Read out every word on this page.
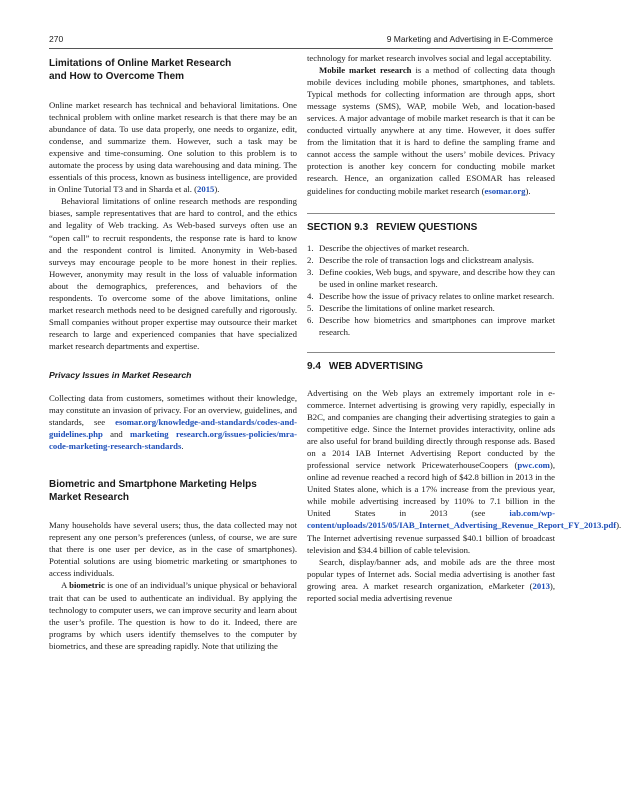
270	9 Marketing and Advertising in E-Commerce
Limitations of Online Market Research
and How to Overcome Them

Online market research has technical and behavioral limitations. One technical problem with online market research is that there may be an abundance of data. To use data properly, one needs to organize, edit, condense, and summarize them. However, such a task may be expensive and time-consuming. One solution to this problem is to automate the process by using data warehousing and data mining. The essentials of this process, known as business intelligence, are provided in Online Tutorial T3 and in Sharda et al. (2015).

Behavioral limitations of online research methods are responding biases, sample representatives that are hard to control, and the ethics and legality of Web tracking. As Web-based surveys often use an “open call” to recruit respondents, the response rate is hard to know and the respondent control is limited. Anonymity in Web-based surveys may encourage people to be more honest in their replies. However, anonymity may result in the loss of valuable information about the demographics, preferences, and behaviors of the respondents. To overcome some of the above limitations, online market research methods need to be designed carefully and rigorously. Small companies without proper expertise may outsource their market research to large and experienced companies that have specialized market research departments and expertise.

Privacy Issues in Market Research

Collecting data from customers, sometimes without their knowledge, may constitute an invasion of privacy. For an overview, guidelines, and standards, see esomar.org/knowledge-and-standards/codes-and-guidelines.php and marketing research.org/issues-policies/mra-code-marketing-research-standards.

Biometric and Smartphone Marketing Helps
Market Research

Many households have several users; thus, the data collected may not represent any one person’s preferences (unless, of course, we are sure that there is one user per device, as in the case of smartphones). Potential solutions are using biometric marketing or smartphones to access individuals.

A biometric is one of an individual’s unique physical or behavioral trait that can be used to authenticate an individual. By applying the technology to computer users, we can improve security and learn about the user’s profile. The question is how to do it. Indeed, there are programs by which users identify themselves to the computer by biometrics, and these are spreading rapidly. Note that utilizing the

technology for market research involves social and legal acceptability.

Mobile market research is a method of collecting data though mobile devices including mobile phones, smartphones, and tablets. Typical methods for collecting information are through apps, short message systems (SMS), WAP, mobile Web, and location-based services. A major advantage of mobile market research is that it can be conducted virtually anywhere at any time. However, it does suffer from the limitation that it is hard to define the sampling frame and cannot access the sample without the users’ mobile devices. Privacy protection is another key concern for conducting mobile market research. Hence, an organization called ESOMAR has released guidelines for conducting mobile market research (esomar.org).

SECTION 9.3 REVIEW QUESTIONS
1. Describe the objectives of market research.
2. Describe the role of transaction logs and clickstream analysis.
3. Define cookies, Web bugs, and spyware, and describe how they can be used in online market research.
4. Describe how the issue of privacy relates to online market research.
5. Describe the limitations of online market research.
6. Describe how biometrics and smartphones can improve market research.
9.4 WEB ADVERTISING

Advertising on the Web plays an extremely important role in e-commerce. Internet advertising is growing very rapidly, especially in B2C, and companies are changing their advertising strategies to gain a competitive edge. Since the Internet provides interactivity, online ads are also useful for brand building directly through response ads. Based on a 2014 IAB Internet Advertising Report conducted by the professional service network PricewaterhouseCoopers (pwc.com), online ad revenue reached a record high of $42.8 billion in 2013 in the United States alone, which is a 17% increase from the previous year, while mobile advertising increased by 110% to 7.1 billion in the United States in 2013 (see iab.com/wp-content/uploads/2015/05/IAB_Internet_Advertising_Revenue_Report_FY_2013.pdf). The Internet advertising revenue surpassed $40.1 billion of broadcast television and $34.4 billion of cable television.

Search, display/banner ads, and mobile ads are the three most popular types of Internet ads. Social media advertising is another fast growing area. A market research organization, eMarketer (2013), reported social media advertising revenue
